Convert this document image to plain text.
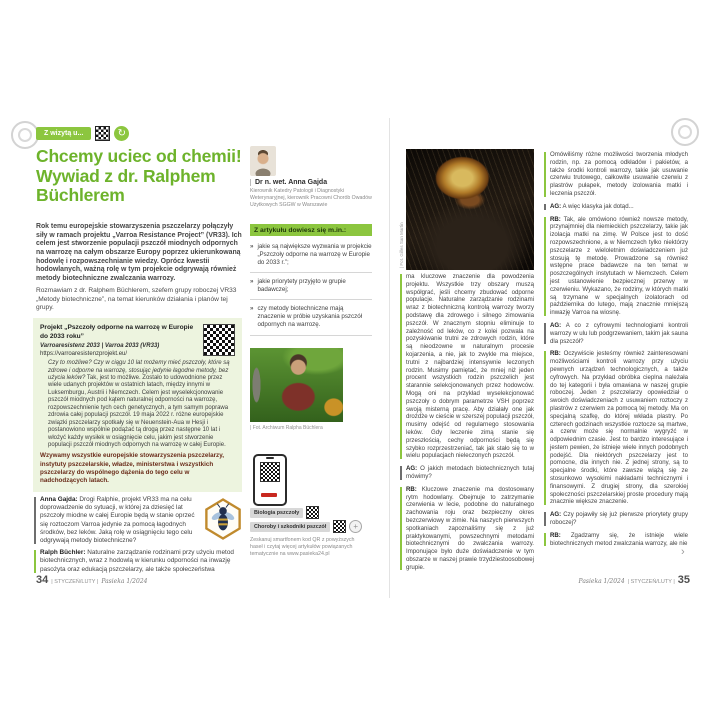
Z wizytą u...	↻
Chcemy uciec od chemii! Wywiad z dr. Ralphem Büchlerem
Dr n. wet. Anna Gajda
Kierownik Katedry Patologii i Diagnostyki Weterynaryjnej, kierownik Pracowni Chorób Owadów Użytkowych SGGW w Warszawie

Rok temu europejskie stowarzyszenia pszczelarzy połączyły siły w ramach projektu „Varroa Resistance Project” (VR33). Ich celem jest stworzenie populacji pszczół miodnych odpornych na warrozę na całym obszarze Europy poprzez ukierunkowaną hodowlę i rozpowszechnianie wiedzy. Oprócz kwestii hodowlanych, ważną rolę w tym projekcie odgrywają również metody biotechniczne zwalczania warrozy.

Rozmawiam z dr. Ralphem Büchlerem, szefem grupy roboczej VR33 „Metody biotechniczne”, na temat kierunków działania i planów tej grupy.

Projekt „Pszczoły odporne na warrozę w Europie do 2033 roku”
Varroaresistenz 2033 | Varroa 2033 (VR33)
https://varroaresistenzprojekt.eu/
Czy to możliwe? Czy w ciągu 10 lat możemy mieć pszczoły, które są zdrowe i odporne na warrozę, stosując jedynie łagodne metody, bez użycia leków? Tak, jest to możliwe. Zostało to udowodnione przez wiele udanych projektów w ostatnich latach, między innymi w Luksemburgu, Austrii i Niemczech. Celem jest wyselekcjonowanie pszczół miodnych pod kątem naturalnej odporności na warrozę, rozpowszechnienie tych cech genetycznych, a tym samym poprawa zdrowia całej populacji pszczół. 19 maja 2022 r. różne europejskie związki pszczelarzy spotkały się w Neuenstein-Aua w Hesji i postanowiono wspólnie podążać tą drogą przez następne 10 lat i włożyć każdy wysiłek w osiągnięcie celu, jakim jest stworzenie populacji pszczół miodnych odpornych na warrozę w całej Europie.
Wzywamy wszystkie europejskie stowarzyszenia pszczelarzy, instytuty pszczelarskie, władze, ministerstwa i wszystkich pszczelarzy do wspólnego dążenia do tego celu w nadchodzących latach.

Anna Gajda: Drogi Ralphie, projekt VR33 ma na celu doprowadzenie do sytuacji, w której za dziesięć lat pszczoły miodne w całej Europie będą w stanie oprzeć się roztoczom Varroa jedynie za pomocą łagodnych środków, bez leków. Jaką rolę w osiągnięciu tego celu odgrywają metody biotechniczne?

Ralph Büchler: Naturalne zarządzanie rodzinami przy użyciu metod biotechnicznych, wraz z hodowlą w kierunku odporności na inwazję pasożyta oraz edukacją pszczelarzy, ale także społeczeństwa

Z artykułu dowiesz się m.in.:
» jakie są największe wyzwania w projekcie „Pszczoły odporne na warrozę w Europie do 2033 r.”;
» jakie priorytety przyjęto w grupie badawczej;
» czy metody biotechniczne mają znaczenie w próbie uzyskania pszczół odpornych na warrozę.
| Fot. Archiwum Ralpha Büchlera
Biologia pszczoły
Choroby i szkodniki pszczół	+
Zeskanuj smartfonem kod QR z powyższych haseł i czytaj więcej artykułów powiązanych tematycznie na www.pasieka24.pl
34 | STYCZEŃ/LUTY | Pasieka 1/2024
| Fot. Gilles San Martin

ma kluczowe znaczenie dla powodzenia projektu. Wszystkie trzy obszary muszą współgrać, jeśli chcemy zbudować odporne populacje. Naturalne zarządzanie rodzinami wraz z biotechniczną kontrolą warrozy tworzy podstawę dla zdrowego i silnego zimowania pszczół. W znacznym stopniu eliminuje to zależność od leków, co z kolei pozwala na pozyskiwanie trutni ze zdrowych rodzin, które są nieodzowne w naturalnym procesie kojarzenia, a nie, jak to zwykle ma miejsce, trutni z najbardziej intensywnie leczonych rodzin. Musimy pamiętać, że mniej niż jeden procent wszystkich rodzin pszczelich jest starannie selekcjonowanych przez hodowców. Mogą oni na przykład wyselekcjonować pszczoły o dobrym parametrze VSH poprzez swoją misterną pracę. Aby działały one jak drożdże w cieście w szerszej populacji pszczół, musimy odejść od regularnego stosowania leków. Gdy leczenie zimą stanie się przeszłością, cechy odporności będą się szybko rozprzestrzeniać, tak jak stało się to w wielu populacjach nieleczonych pszczół.

AG: O jakich metodach biotechnicznych tutaj mówimy?

RB: Kluczowe znaczenie ma dostosowany rytm hodowlany. Obejmuje to zatrzymanie czerwienia w lecie, podobne do naturalnego zachowania roju oraz bezpieczny okres bezczerwiowy w zimie. Na naszych pierwszych spotkaniach zapoznaliśmy się z już praktykowanymi, powszechnymi metodami biotechnicznymi do zwalczania warrozy. Imponujące było duże doświadczenie w tym obszarze w naszej prawie trzydziestoosobowej grupie.

Omówiliśmy różne możliwości tworzenia młodych rodzin, np. za pomocą odkładów i pakietów, a także środki kontroli warrozy, takie jak usuwanie czerwiu trutowego, całkowite usuwanie czerwiu z plastrów pułapek, metody izolowania matki i leczenia pszczół.

AG: A więc klasyka jak dotąd...

RB: Tak, ale omówiono również nowsze metody, przynajmniej dla niemieckich pszczelarzy, takie jak izolacja matki na zimę. W Polsce jest to dość rozpowszechnione, a w Niemczech tylko niektórzy pszczelarze z wieloletnim doświadczeniem już stosują tę metodę. Prowadzone są również wstępne prace badawcze na ten temat w poszczególnych instytutach w Niemczech. Celem jest ustanowienie bezpiecznej przerwy w czerwieniu. Wykazano, że rodziny, w których matki są trzymane w specjalnych izolatorach od października do lutego, mają znacznie mniejszą inwazję Varroa na wiosnę.

AG: A co z cyfrowymi technologiami kontroli warrozy w ulu lub podgrzewaniem, takim jak sauna dla pszczół?

RB: Oczywiście jesteśmy również zainteresowani możliwościami kontroli warrozy przy użyciu pewnych urządzeń technologicznych, a także cyfrowych. Na przykład obróbka cieplna należała do tej kategorii i była omawiana w naszej grupie roboczej. Jeden z pszczelarzy opowiedział o swoich doświadczeniach z usuwaniem roztoczy z plastrów z czerwiem za pomocą tej metody. Ma on specjalną szafkę, do której wkłada plastry. Po czterech godzinach wszystkie roztocze są martwe, a czerw może się normalnie wygryźć w odpowiednim czasie. Jest to bardzo interesujące i jestem pewien, że istnieje wiele innych podobnych podejść. Dla niektórych pszczelarzy jest to pomocne, dla innych nie. Z jednej strony, są to specjalne środki, które zawsze wiążą się ze stosunkowo wysokimi nakładami technicznymi i finansowymi. Z drugiej strony, dla szerokiej społeczności pszczelarskiej proste procedury mają znacznie większe znaczenie.

AG: Czy pojawiły się już pierwsze priorytety grupy roboczej?

RB: Zgadzamy się, że istnieje wiele biotechnicznych metod zwalczania warrozy, ale nie

›
Pasieka 1/2024 | STYCZEŃ/LUTY | 35
